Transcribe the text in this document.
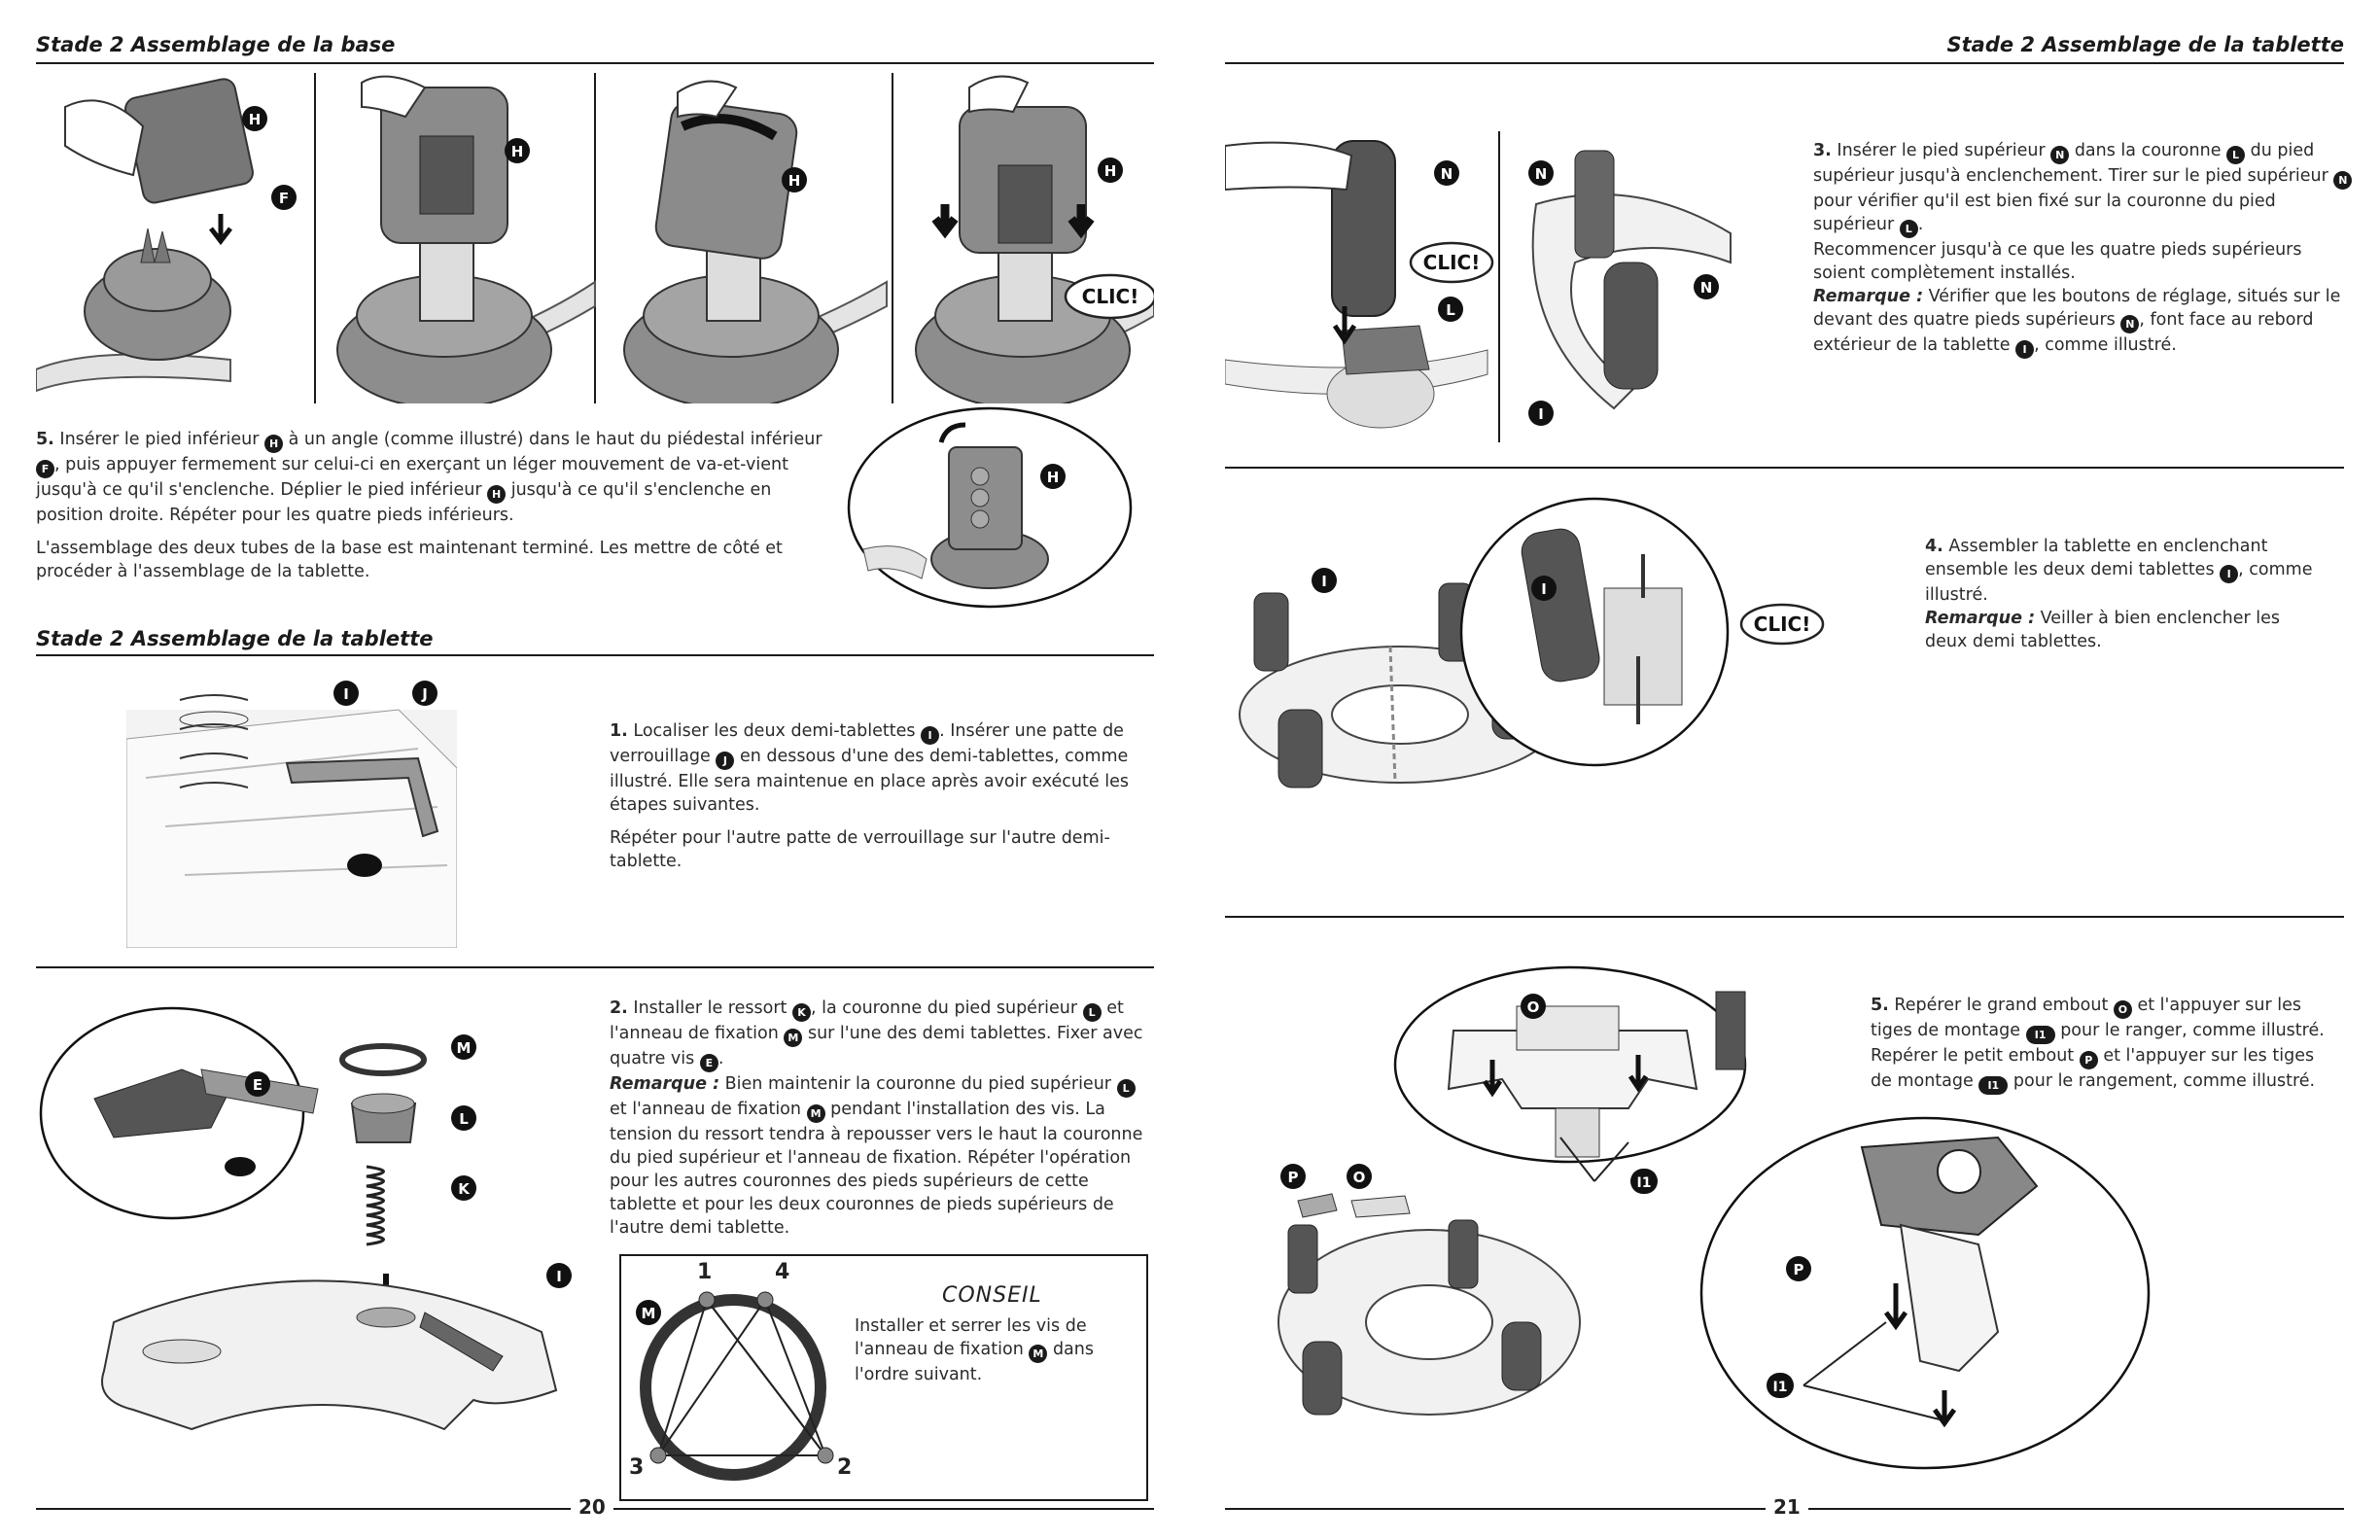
Stade 2 Assemblage de la base
CLIC!
H
F
H
H
H

5. Insérer le pied inférieur H à un angle (comme illustré) dans le haut du piédestal inférieur F , puis appuyer fermement sur celui-ci en exerçant un léger mouvement de va-et-vient jusqu'à ce qu'il s'enclenche. Déplier le pied inférieur H jusqu'à ce qu'il s'enclenche en position droite. Répéter pour les quatre pieds inférieurs.

L'assemblage des deux tubes de la base est maintenant terminé. Les mettre de côté et procéder à l'assemblage de la tablette.

H
Stade 2 Assemblage de la tablette
I	J

1. Localiser les deux demi-tablettes I . Insérer une patte de verrouillage J en dessous d'une des demi-tablettes, comme illustré. Elle sera maintenue en place après avoir exécuté les étapes suivantes.

Répéter pour l'autre patte de verrouillage sur l'autre demi-tablette.

E
M
L
K
I

2. Installer le ressort K , la couronne du pied supérieur L et l'anneau de fixation M sur l'une des demi tablettes. Fixer avec quatre vis E .
Remarque : Bien maintenir la couronne du pied supérieur L et l'anneau de fixation M pendant l'installation des vis. La tension du ressort tendra à repousser vers le haut la couronne du pied supérieur et l'anneau de fixation. Répéter l'opération pour les autres couronnes des pieds supérieurs de cette tablette et pour les deux couronnes de pieds supérieurs de l'autre demi tablette.

M
1	4
3	2
CONSEIL
Installer et serrer les vis de l'anneau de fixation M dans l'ordre suivant.
20
Stade 2 Assemblage de la tablette
CLIC!
N
L
N
N
I

3. Insérer le pied supérieur N dans la couronne L du pied supérieur jusqu'à enclenchement. Tirer sur le pied supérieur N pour vérifier qu'il est bien fixé sur la couronne du pied supérieur L .
Recommencer jusqu'à ce que les quatre pieds supérieurs soient complètement installés.
Remarque : Vérifier que les boutons de réglage, situés sur le devant des quatre pieds supérieurs N , font face au rebord extérieur de la tablette I , comme illustré.

CLIC!
I	I

4. Assembler la tablette en enclenchant ensemble les deux demi tablettes I , comme illustré.
Remarque : Veiller à bien enclencher les deux demi tablettes.

O
I1
P	O
P
I1

5. Repérer le grand embout O et l'appuyer sur les tiges de montage I1 pour le ranger, comme illustré. Repérer le petit embout P et l'appuyer sur les tiges de montage I1 pour le rangement, comme illustré.

21
